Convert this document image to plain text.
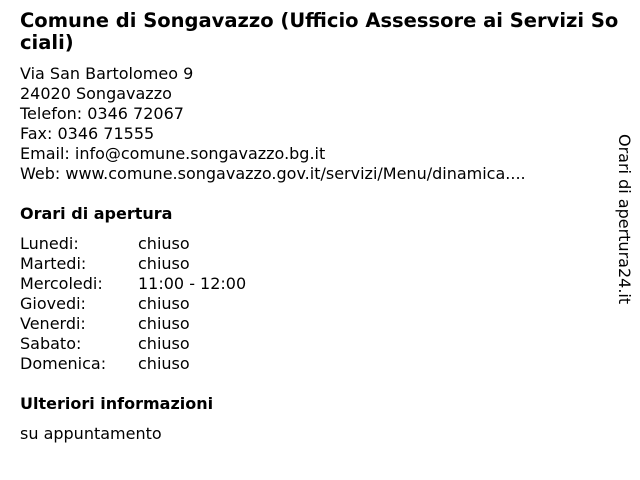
Comune di Songavazzo (Ufficio Assessore ai Servizi Sociali)
Via San Bartolomeo 9
24020 Songavazzo
Telefon: 0346 72067
Fax: 0346 71555
Email: info@comune.songavazzo.bg.it
Web: www.comune.songavazzo.gov.it/servizi/Menu/dinamica....
Orari di apertura
Lunedi:	chiuso
Martedi:	chiuso
Mercoledi: 11:00 - 12:00
Giovedi:	chiuso
Venerdi:	chiuso
Sabato:	chiuso
Domenica: chiuso
Ulteriori informazioni
su appuntamento
Orari di apertura24.it
